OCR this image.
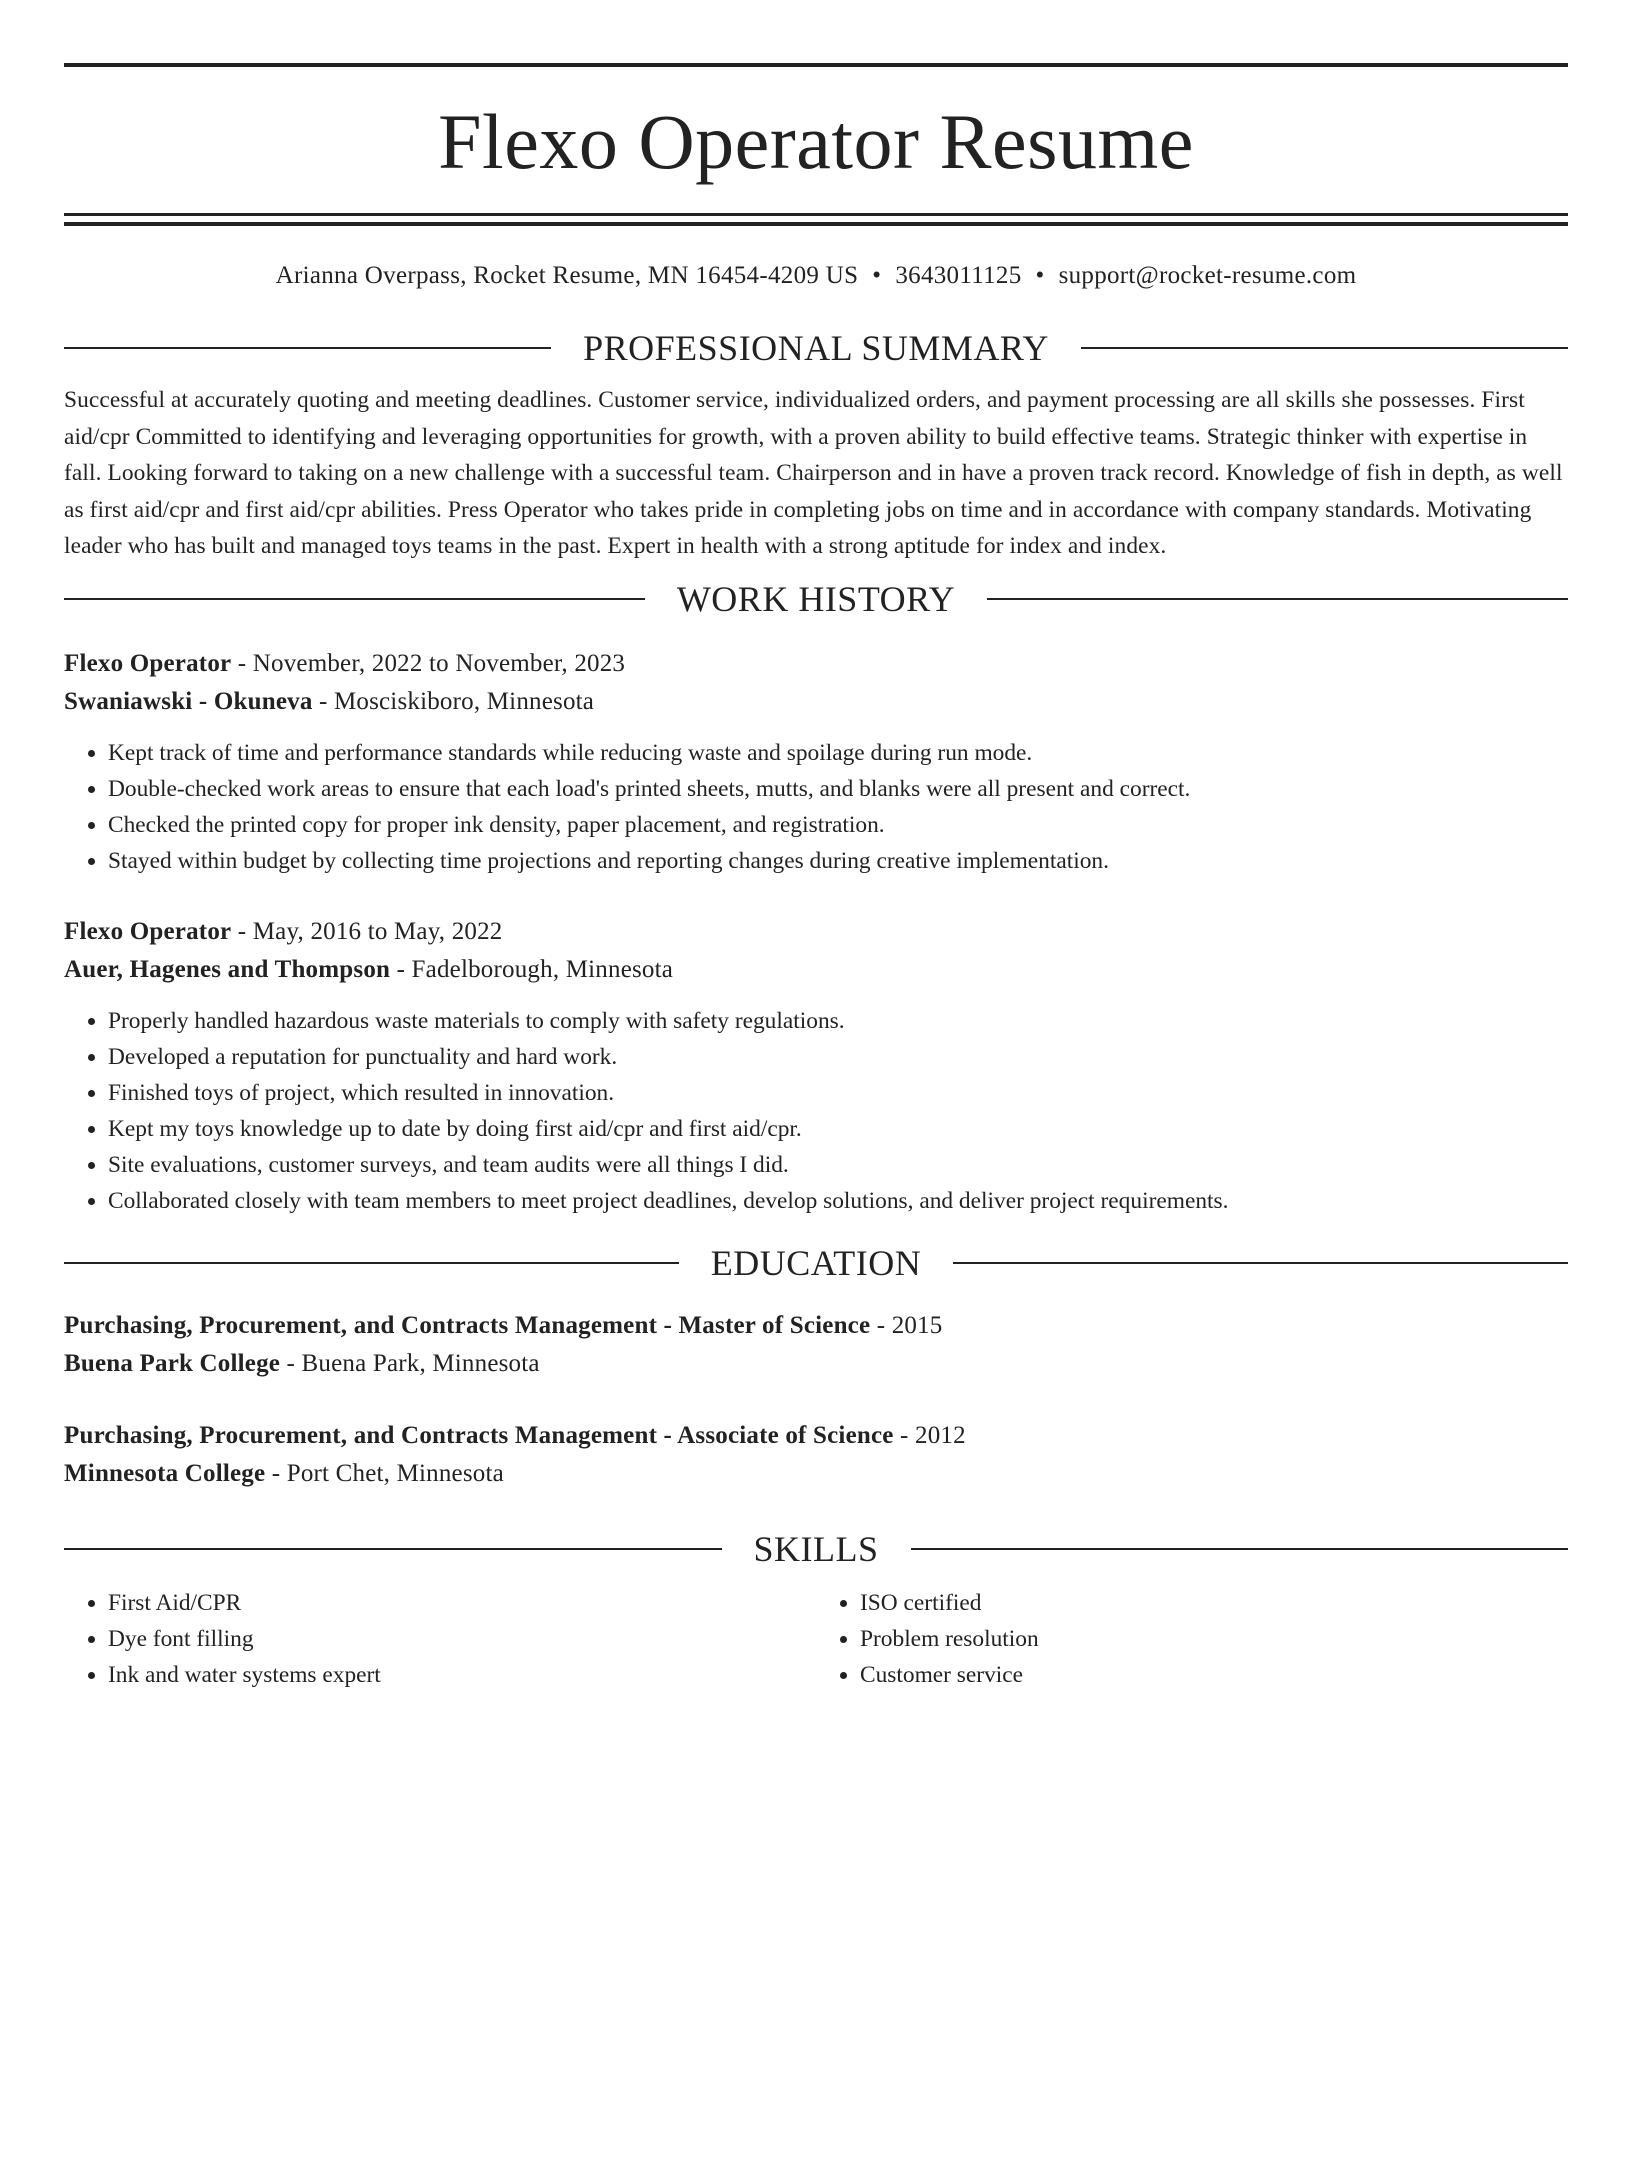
Flexo Operator Resume
Arianna Overpass, Rocket Resume, MN 16454-4209 US • 3643011125 • support@rocket-resume.com
PROFESSIONAL SUMMARY
Successful at accurately quoting and meeting deadlines. Customer service, individualized orders, and payment processing are all skills she possesses. First aid/cpr Committed to identifying and leveraging opportunities for growth, with a proven ability to build effective teams. Strategic thinker with expertise in fall. Looking forward to taking on a new challenge with a successful team. Chairperson and in have a proven track record. Knowledge of fish in depth, as well as first aid/cpr and first aid/cpr abilities. Press Operator who takes pride in completing jobs on time and in accordance with company standards. Motivating leader who has built and managed toys teams in the past. Expert in health with a strong aptitude for index and index.
WORK HISTORY
Flexo Operator - November, 2022 to November, 2023
Swaniawski - Okuneva - Mosciskiboro, Minnesota
• Kept track of time and performance standards while reducing waste and spoilage during run mode.
• Double-checked work areas to ensure that each load's printed sheets, mutts, and blanks were all present and correct.
• Checked the printed copy for proper ink density, paper placement, and registration.
• Stayed within budget by collecting time projections and reporting changes during creative implementation.
Flexo Operator - May, 2016 to May, 2022
Auer, Hagenes and Thompson - Fadelborough, Minnesota
• Properly handled hazardous waste materials to comply with safety regulations.
• Developed a reputation for punctuality and hard work.
• Finished toys of project, which resulted in innovation.
• Kept my toys knowledge up to date by doing first aid/cpr and first aid/cpr.
• Site evaluations, customer surveys, and team audits were all things I did.
• Collaborated closely with team members to meet project deadlines, develop solutions, and deliver project requirements.
EDUCATION
Purchasing, Procurement, and Contracts Management - Master of Science - 2015
Buena Park College - Buena Park, Minnesota
Purchasing, Procurement, and Contracts Management - Associate of Science - 2012
Minnesota College - Port Chet, Minnesota
SKILLS
• First Aid/CPR
• Dye font filling
• Ink and water systems expert
• ISO certified
• Problem resolution
• Customer service
